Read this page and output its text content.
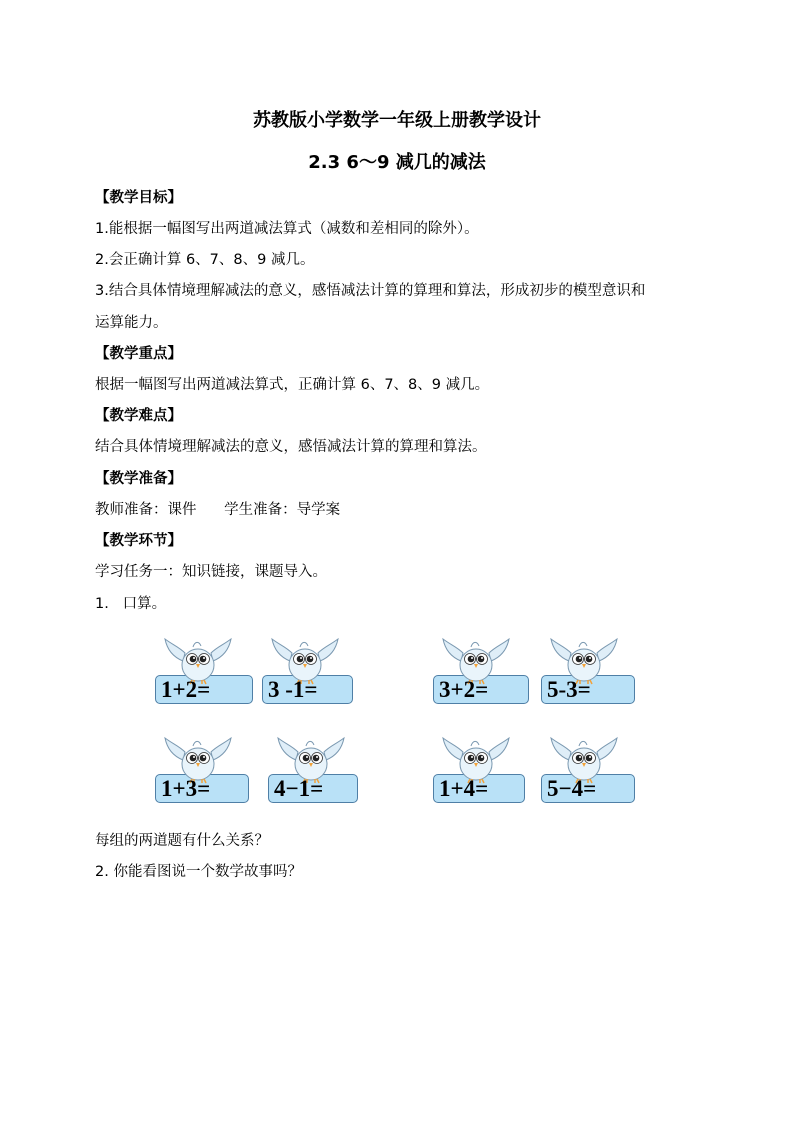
苏教版小学数学一年级上册教学设计
2.3 6～9 减几的减法
【教学目标】
1.能根据一幅图写出两道减法算式（减数和差相同的除外）。
2.会正确计算 6、7、8、9 减几。
3.结合具体情境理解减法的意义，感悟减法计算的算理和算法，形成初步的模型意识和
运算能力。
【教学重点】
根据一幅图写出两道减法算式，正确计算 6、7、8、9 减几。
【教学难点】
结合具体情境理解减法的意义，感悟减法计算的算理和算法。
【教学准备】
教师准备：课件      学生准备：导学案
【教学环节】
学习任务一：知识链接，课题导入。
1.   口算。
1+2=	3 -1=	3+2=	5-3=
1+3=	4−1=	1+4=	5−4=
每组的两道题有什么关系？
2. 你能看图说一个数学故事吗？
